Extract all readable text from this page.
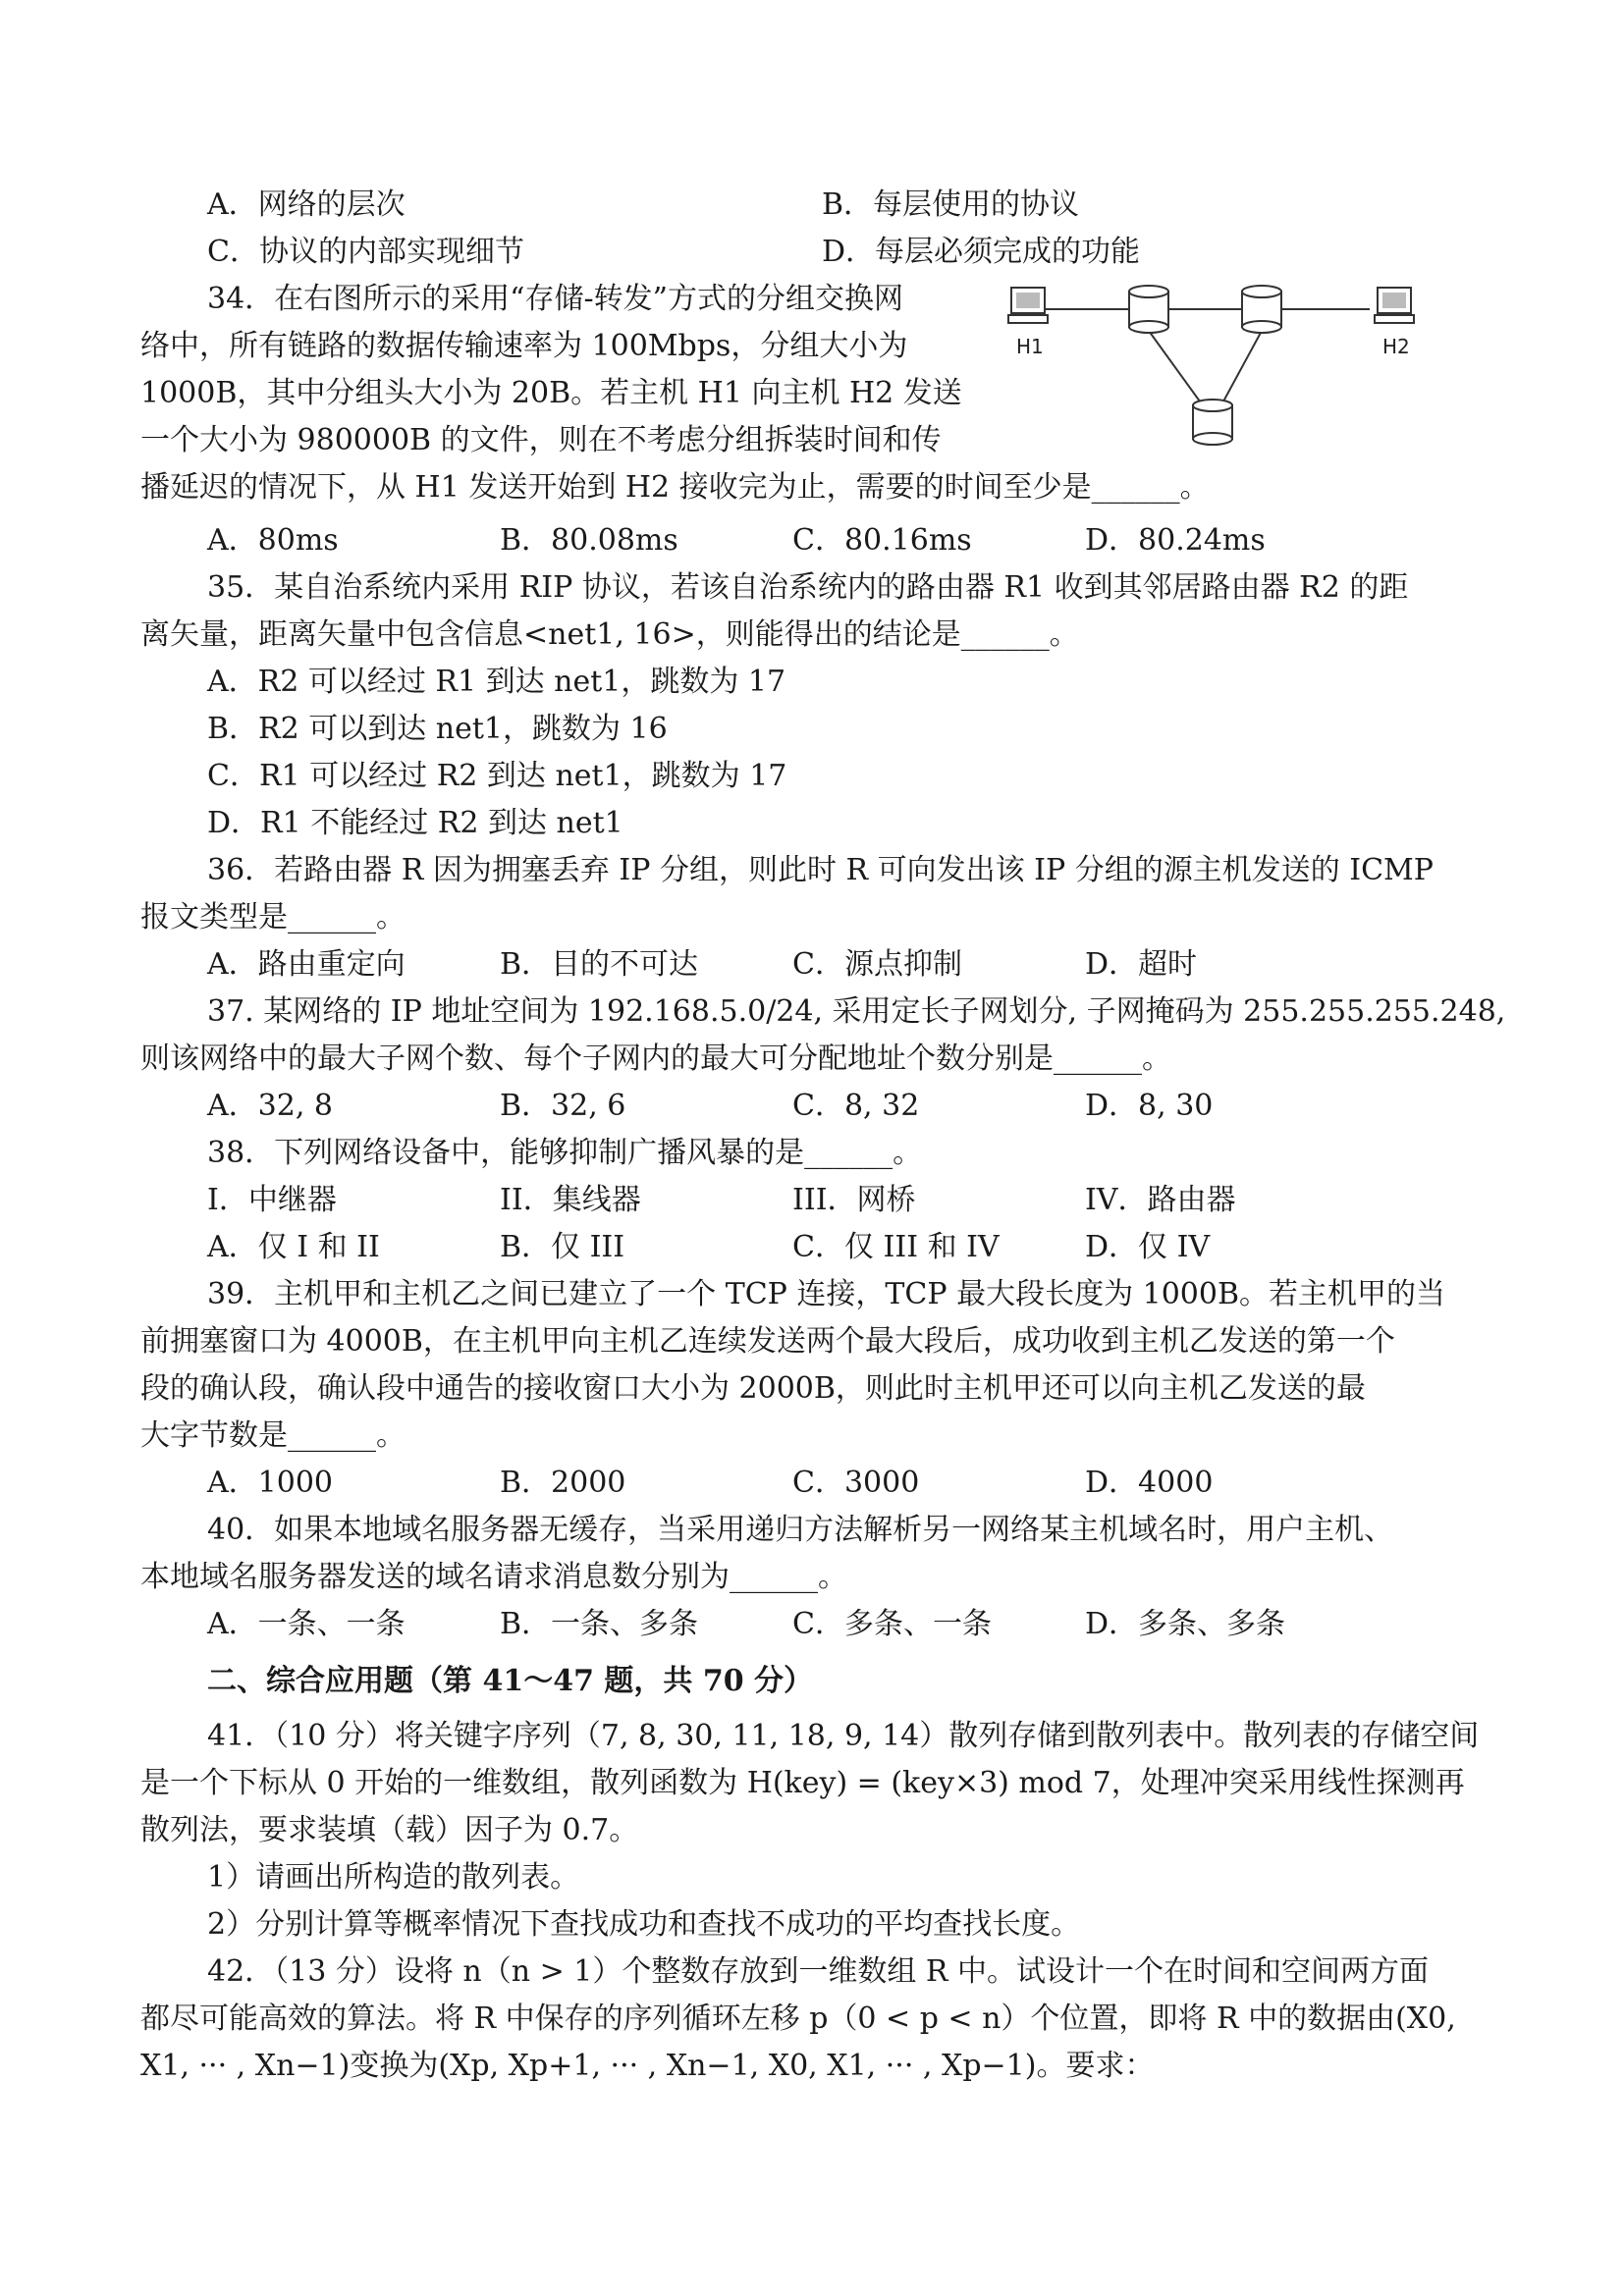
A．网络的层次	B．每层使用的协议
C．协议的内部实现细节	D．每层必须完成的功能
34．在右图所示的采用“存储-转发”方式的分组交换网
络中，所有链路的数据传输速率为 100Mbps，分组大小为
1000B，其中分组头大小为 20B。若主机 H1 向主机 H2 发送
一个大小为 980000B 的文件，则在不考虑分组拆装时间和传
播延迟的情况下，从 H1 发送开始到 H2 接收完为止，需要的时间至少是______。
A．80ms	B．80.08ms	C．80.16ms	D．80.24ms
35．某自治系统内采用 RIP 协议，若该自治系统内的路由器 R1 收到其邻居路由器 R2 的距
离矢量，距离矢量中包含信息<net1, 16>，则能得出的结论是______。
A．R2 可以经过 R1 到达 net1，跳数为 17
B．R2 可以到达 net1，跳数为 16
C．R1 可以经过 R2 到达 net1，跳数为 17
D．R1 不能经过 R2 到达 net1
36．若路由器 R 因为拥塞丢弃 IP 分组，则此时 R 可向发出该 IP 分组的源主机发送的 ICMP
报文类型是______。
A．路由重定向	B．目的不可达	C．源点抑制	D．超时
37. 某网络的 IP 地址空间为 192.168.5.0/24, 采用定长子网划分, 子网掩码为 255.255.255.248,
则该网络中的最大子网个数、每个子网内的最大可分配地址个数分别是______。
A．32, 8	B．32, 6	C．8, 32	D．8, 30
38．下列网络设备中，能够抑制广播风暴的是______。
I．中继器	II．集线器	III．网桥	IV．路由器
A．仅 I 和 II	B．仅 III	C．仅 III 和 IV	D．仅 IV
39．主机甲和主机乙之间已建立了一个 TCP 连接，TCP 最大段长度为 1000B。若主机甲的当
前拥塞窗口为 4000B，在主机甲向主机乙连续发送两个最大段后，成功收到主机乙发送的第一个
段的确认段，确认段中通告的接收窗口大小为 2000B，则此时主机甲还可以向主机乙发送的最
大字节数是______。
A．1000	B．2000	C．3000	D．4000
40．如果本地域名服务器无缓存，当采用递归方法解析另一网络某主机域名时，用户主机、
本地域名服务器发送的域名请求消息数分别为______。
A．一条、一条	B．一条、多条	C．多条、一条	D．多条、多条
二、综合应用题（第 41～47 题，共 70 分）
41．（10 分）将关键字序列（7, 8, 30, 11, 18, 9, 14）散列存储到散列表中。散列表的存储空间
是一个下标从 0 开始的一维数组，散列函数为 H(key) = (key×3) mod 7，处理冲突采用线性探测再
散列法，要求装填（载）因子为 0.7。
1）请画出所构造的散列表。
2）分别计算等概率情况下查找成功和查找不成功的平均查找长度。
42．（13 分）设将 n（n > 1）个整数存放到一维数组 R 中。试设计一个在时间和空间两方面
都尽可能高效的算法。将 R 中保存的序列循环左移 p（0 < p < n）个位置，即将 R 中的数据由(X0,
X1, ··· , Xn−1)变换为(Xp, Xp+1, ··· , Xn−1, X0, X1, ··· , Xp−1)。要求：
H1	H2
